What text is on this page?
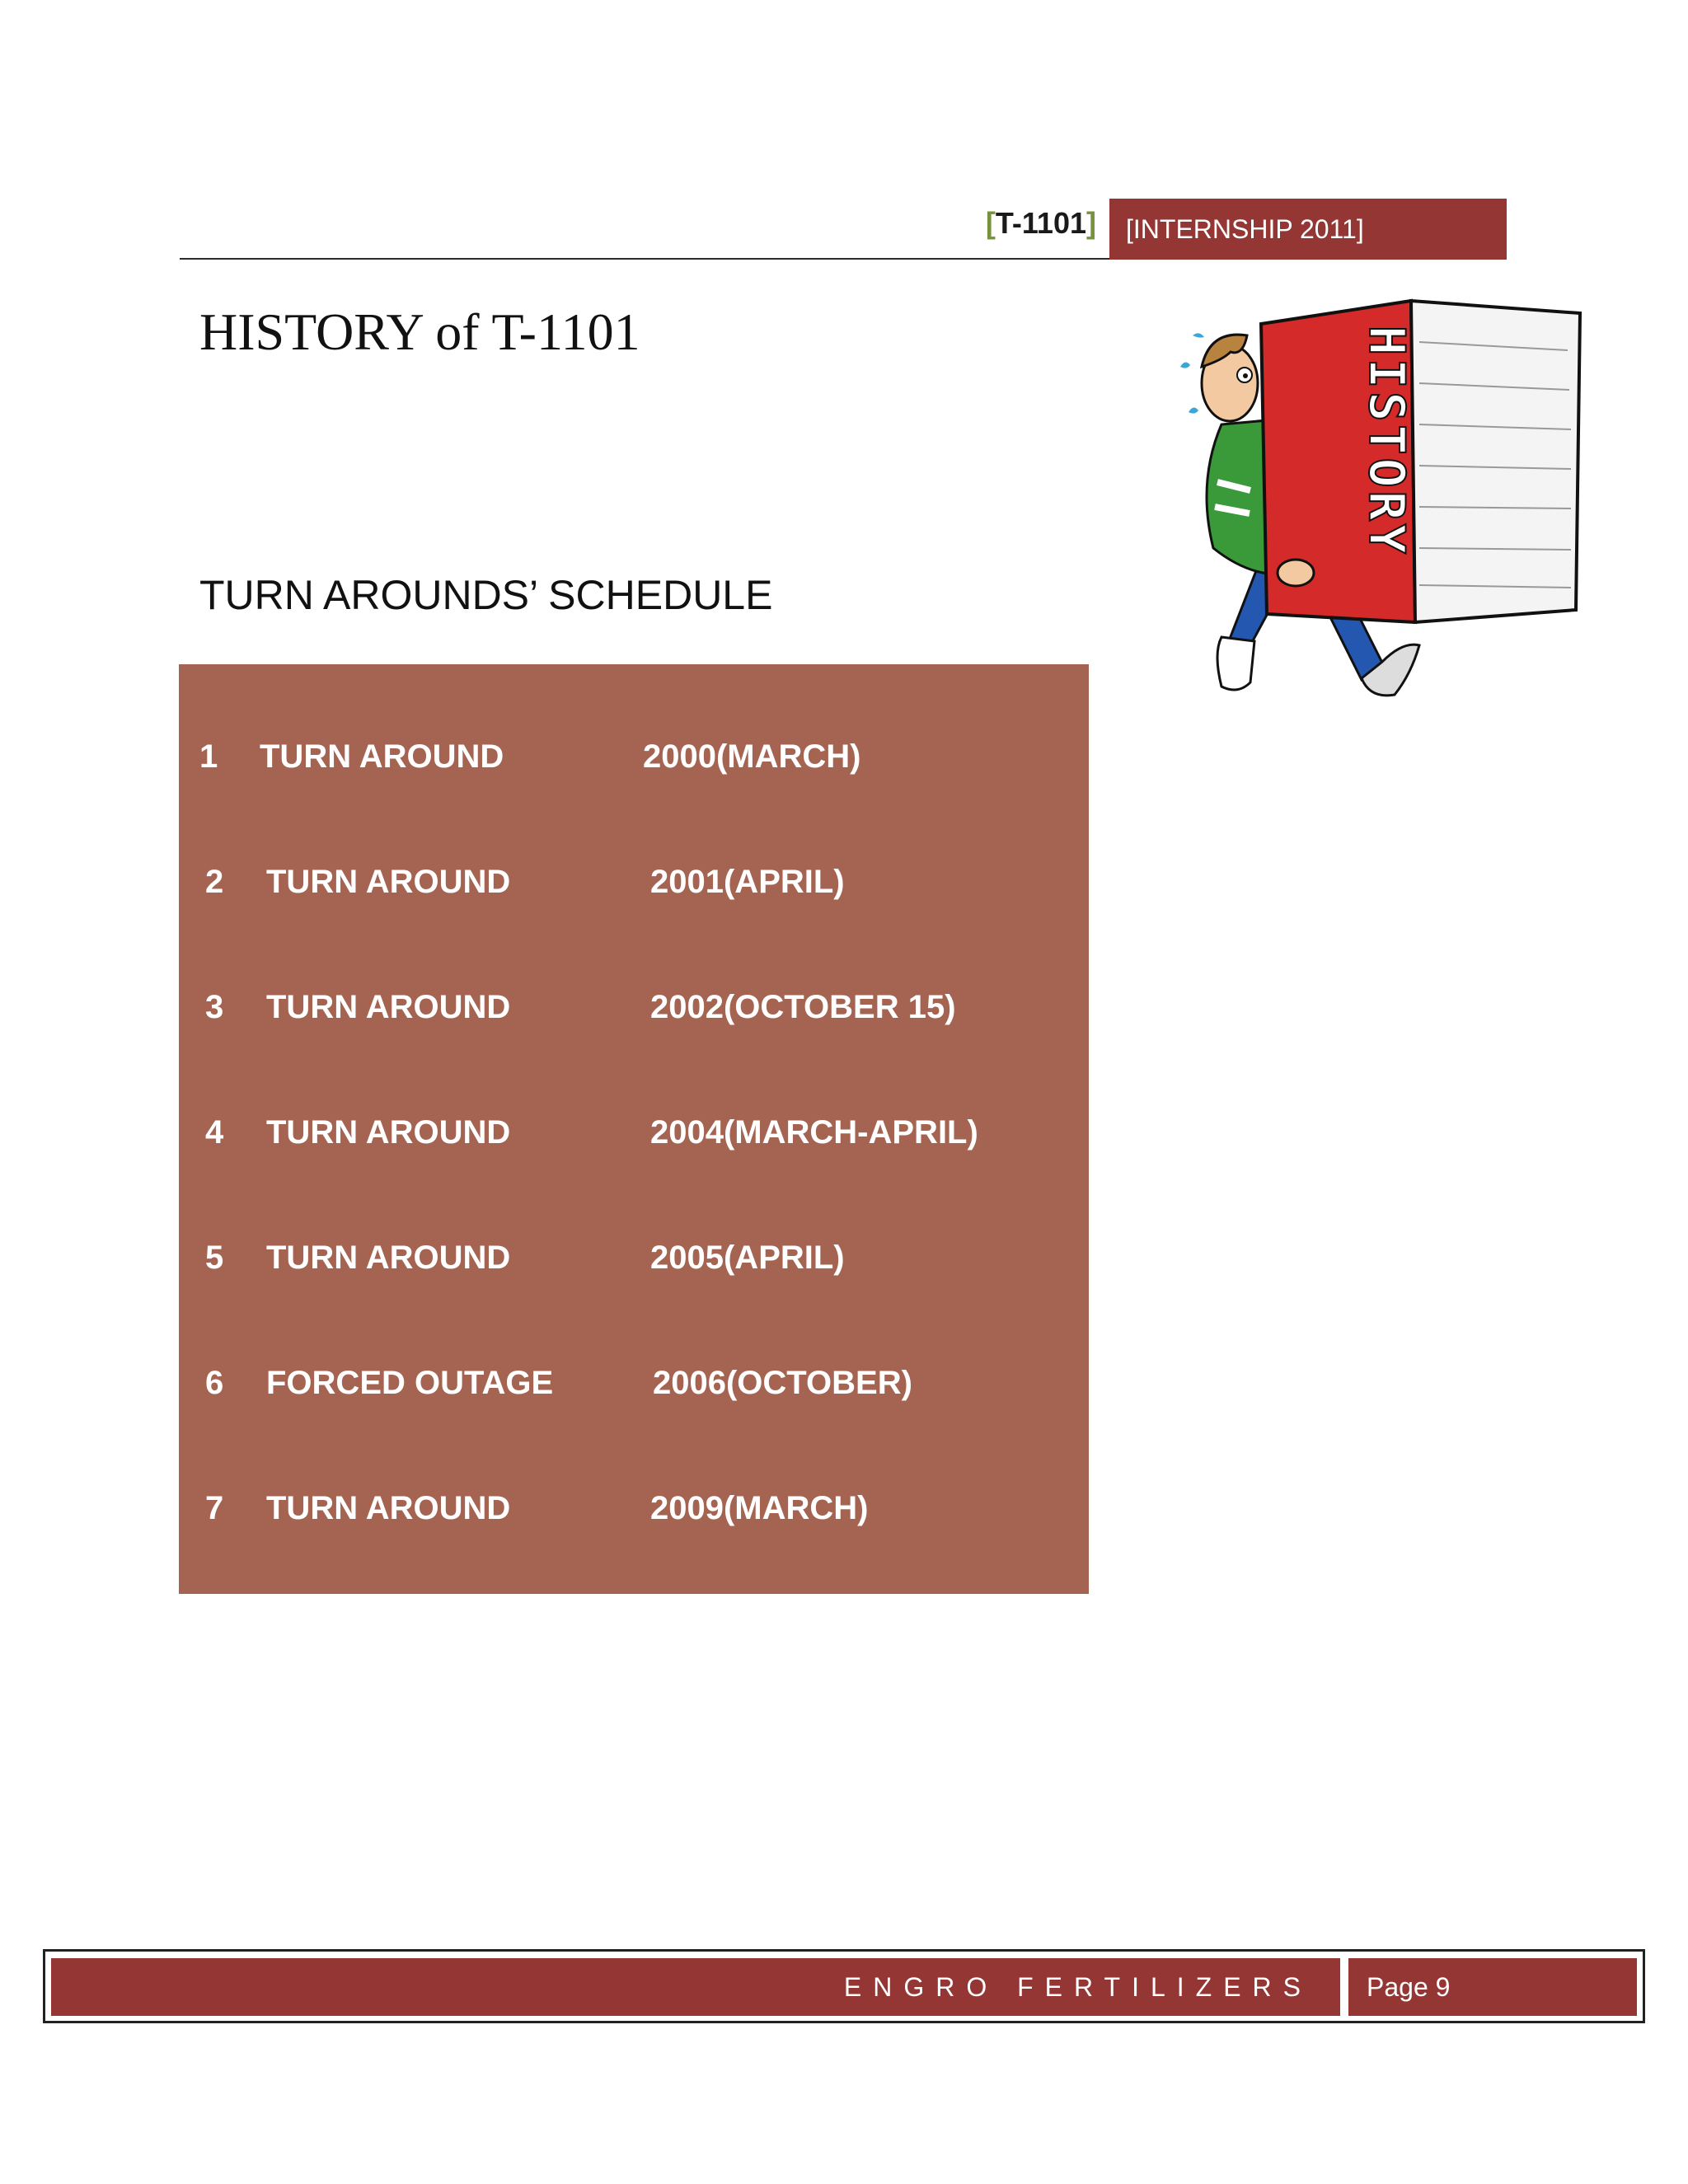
[T-1101]	[INTERNSHIP 2011]
HISTORY of T-1101
TURN AROUNDS’ SCHEDULE
HISTORY
1 TURN AROUND	2000(MARCH)
2 TURN AROUND	2001(APRIL)
3 TURN AROUND	2002(OCTOBER 15)
4 TURN AROUND	2004(MARCH-APRIL)
5 TURN AROUND	2005(APRIL)
6 FORCED OUTAGE	2006(OCTOBER)
7 TURN AROUND	2009(MARCH)
ENGRO FERTILIZERS	Page 9
